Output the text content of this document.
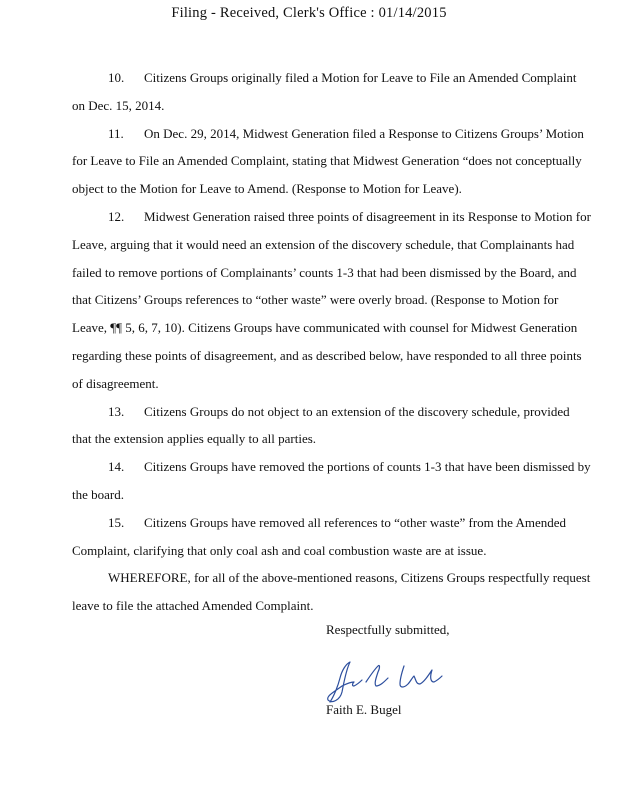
Filing - Received, Clerk's Office : 01/14/2015

10. Citizens Groups originally filed a Motion for Leave to File an Amended Complaint on Dec. 15, 2014.

11. On Dec. 29, 2014, Midwest Generation filed a Response to Citizens Groups’ Motion for Leave to File an Amended Complaint, stating that Midwest Generation “does not conceptually object to the Motion for Leave to Amend. (Response to Motion for Leave).

12. Midwest Generation raised three points of disagreement in its Response to Motion for Leave, arguing that it would need an extension of the discovery schedule, that Complainants had failed to remove portions of Complainants’ counts 1-3 that had been dismissed by the Board, and that Citizens’ Groups references to “other waste” were overly broad. (Response to Motion for Leave, ¶¶ 5, 6, 7, 10). Citizens Groups have communicated with counsel for Midwest Generation regarding these points of disagreement, and as described below, have responded to all three points of disagreement.

13. Citizens Groups do not object to an extension of the discovery schedule, provided that the extension applies equally to all parties.

14. Citizens Groups have removed the portions of counts 1-3 that have been dismissed by the board.

15. Citizens Groups have removed all references to “other waste” from the Amended Complaint, clarifying that only coal ash and coal combustion waste are at issue.

WHEREFORE, for all of the above-mentioned reasons, Citizens Groups respectfully request leave to file the attached Amended Complaint.

Respectfully submitted,
Faith E. Bugel
